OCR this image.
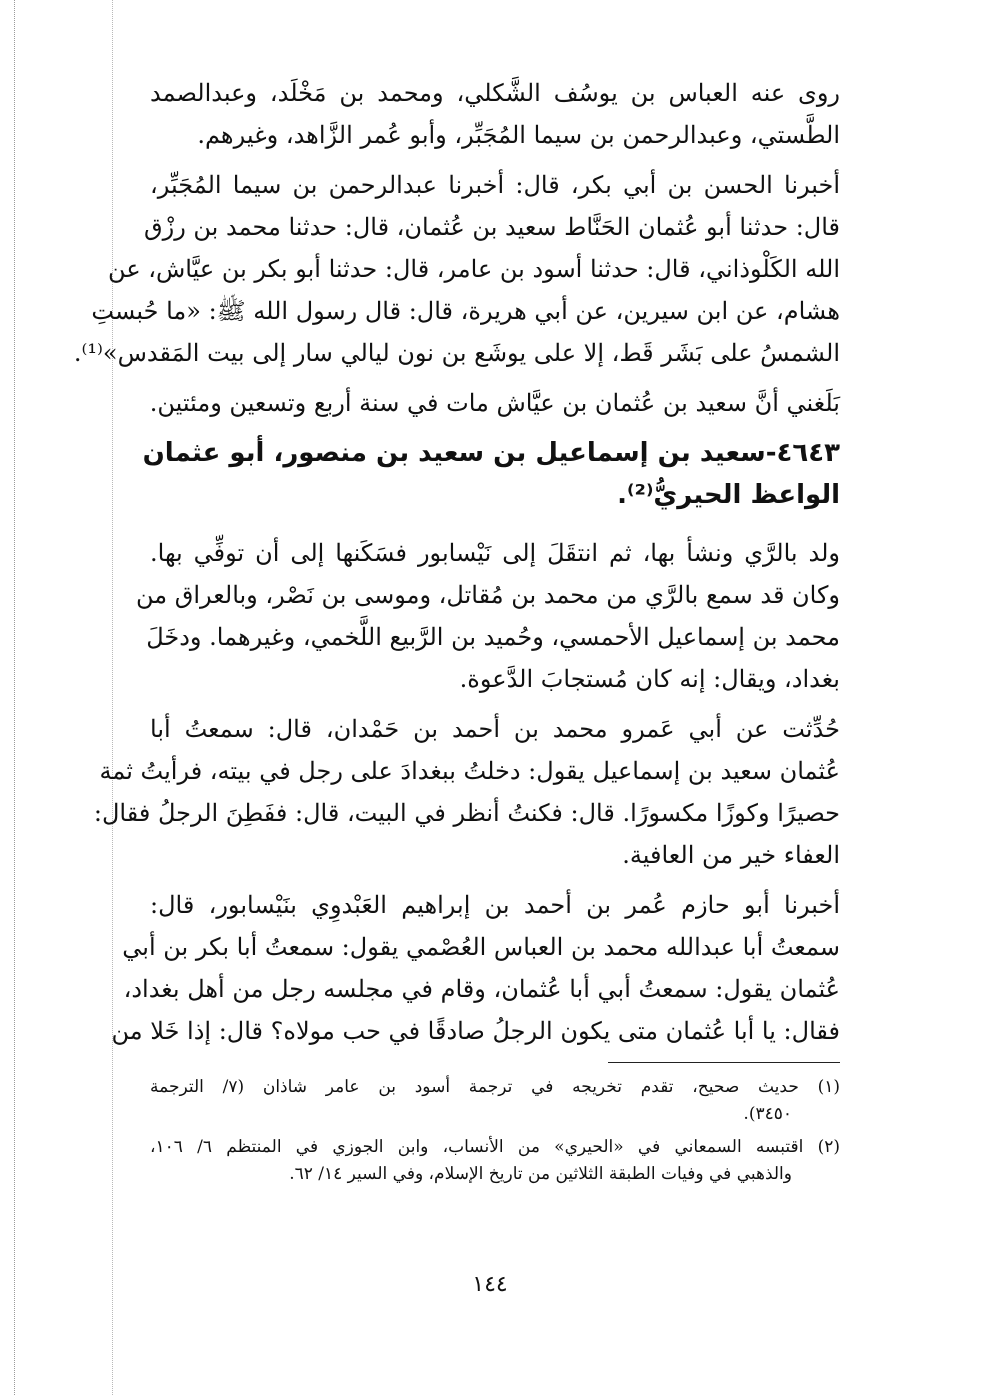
روى عنه العباس بن يوسُف الشَّكلي، ومحمد بن مَخْلَد، وعبدالصمد
الطَّستي، وعبدالرحمن بن سيما المُجَبِّر، وأبو عُمر الزَّاهد، وغيرهم.
أخبرنا الحسن بن أبي بكر، قال: أخبرنا عبدالرحمن بن سيما المُجَبِّر،
قال: حدثنا أبو عُثمان الحَنَّاط سعيد بن عُثمان، قال: حدثنا محمد بن رزْق
الله الكَلْوذاني، قال: حدثنا أسود بن عامر، قال: حدثنا أبو بكر بن عيَّاش، عن
هشام، عن ابن سيرين، عن أبي هريرة، قال: قال رسول الله ﷺ: «ما حُبستِ
الشمسُ على بَشَر قَط، إلا على يوشَع بن نون ليالي سار إلى بيت المَقدس»⁽¹⁾.
بَلَغني أنَّ سعيد بن عُثمان بن عيَّاش مات في سنة أربع وتسعين ومئتين.
٤٦٤٣-سعيد بن إسماعيل بن سعيد بن منصور، أبو عثمان
الواعظ الحيريُّ⁽²⁾.
ولد بالرَّي ونشأ بها، ثم انتقَلَ إلى نَيْسابور فسَكَنها إلى أن توفِّي بها.
وكان قد سمع بالرَّي من محمد بن مُقاتل، وموسى بن نَصْر، وبالعراق من
محمد بن إسماعيل الأحمسي، وحُميد بن الرَّبيع اللَّخمي، وغيرهما. ودخَلَ
بغداد، ويقال: إنه كان مُستجابَ الدَّعوة.
حُدِّثت عن أبي عَمرو محمد بن أحمد بن حَمْدان، قال: سمعتُ أبا
عُثمان سعيد بن إسماعيل يقول: دخلتُ ببغدادَ على رجل في بيته، فرأيتُ ثمة
حصيرًا وكوزًا مكسورًا. قال: فكنتُ أنظر في البيت، قال: ففَطِنَ الرجلُ فقال:
العفاء خير من العافية.
أخبرنا أبو حازم عُمر بن أحمد بن إبراهيم العَبْدوِي بنَيْسابور، قال:
سمعتُ أبا عبدالله محمد بن العباس العُصْمي يقول: سمعتُ أبا بكر بن أبي
عُثمان يقول: سمعتُ أبي أبا عُثمان، وقام في مجلسه رجل من أهل بغداد،
فقال: يا أبا عُثمان متى يكون الرجلُ صادقًا في حب مولاه؟ قال: إذا خَلا من
(١) حديث صحيح، تقدم تخريجه في ترجمة أسود بن عامر شاذان (٧/ الترجمة
٣٤٥٠).
(٢) اقتبسه السمعاني في «الحيري» من الأنساب، وابن الجوزي في المنتظم ٦/ ١٠٦،
والذهبي في وفيات الطبقة الثلاثين من تاريخ الإسلام، وفي السير ١٤/ ٦٢.
١٤٤
